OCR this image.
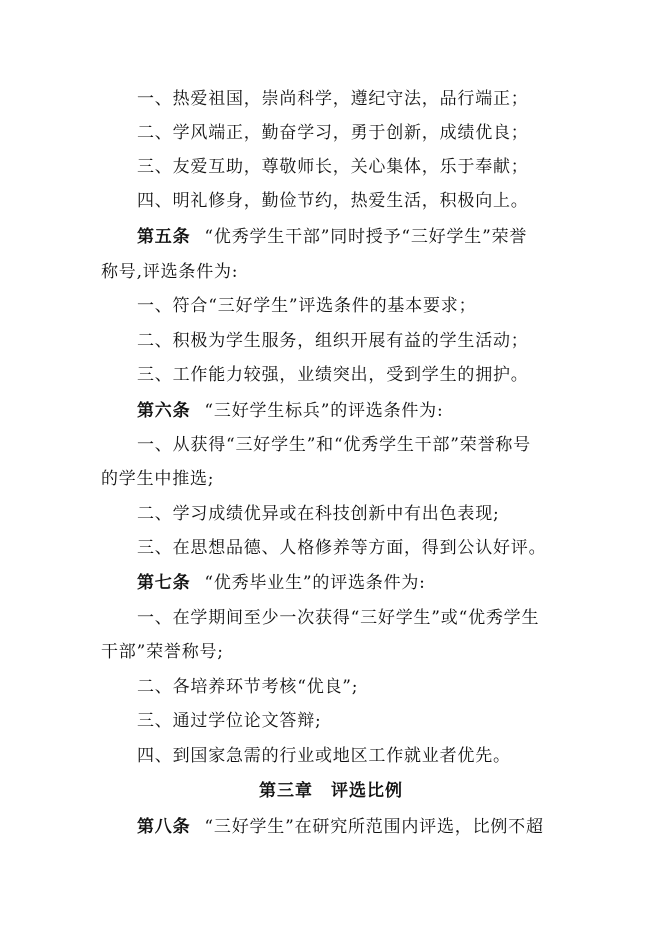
一、热爱祖国，崇尚科学，遵纪守法，品行端正；
二、学风端正，勤奋学习，勇于创新，成绩优良；
三、友爱互助，尊敬师长，关心集体，乐于奉献；
四、明礼修身，勤俭节约，热爱生活，积极向上。
第五条 “优秀学生干部”同时授予“三好学生”荣誉
称号,评选条件为:
一、符合“三好学生”评选条件的基本要求；
二、积极为学生服务，组织开展有益的学生活动；
三、工作能力较强，业绩突出，受到学生的拥护。
第六条 “三好学生标兵”的评选条件为:
一、从获得“三好学生”和“优秀学生干部”荣誉称号
的学生中推选;
二、学习成绩优异或在科技创新中有出色表现;
三、在思想品德、人格修养等方面，得到公认好评。
第七条 “优秀毕业生”的评选条件为:
一、在学期间至少一次获得“三好学生”或“优秀学生
干部”荣誉称号;
二、各培养环节考核“优良”;
三、通过学位论文答辩;
四、到国家急需的行业或地区工作就业者优先。
第三章　评选比例
第八条 “三好学生”在研究所范围内评选，比例不超
